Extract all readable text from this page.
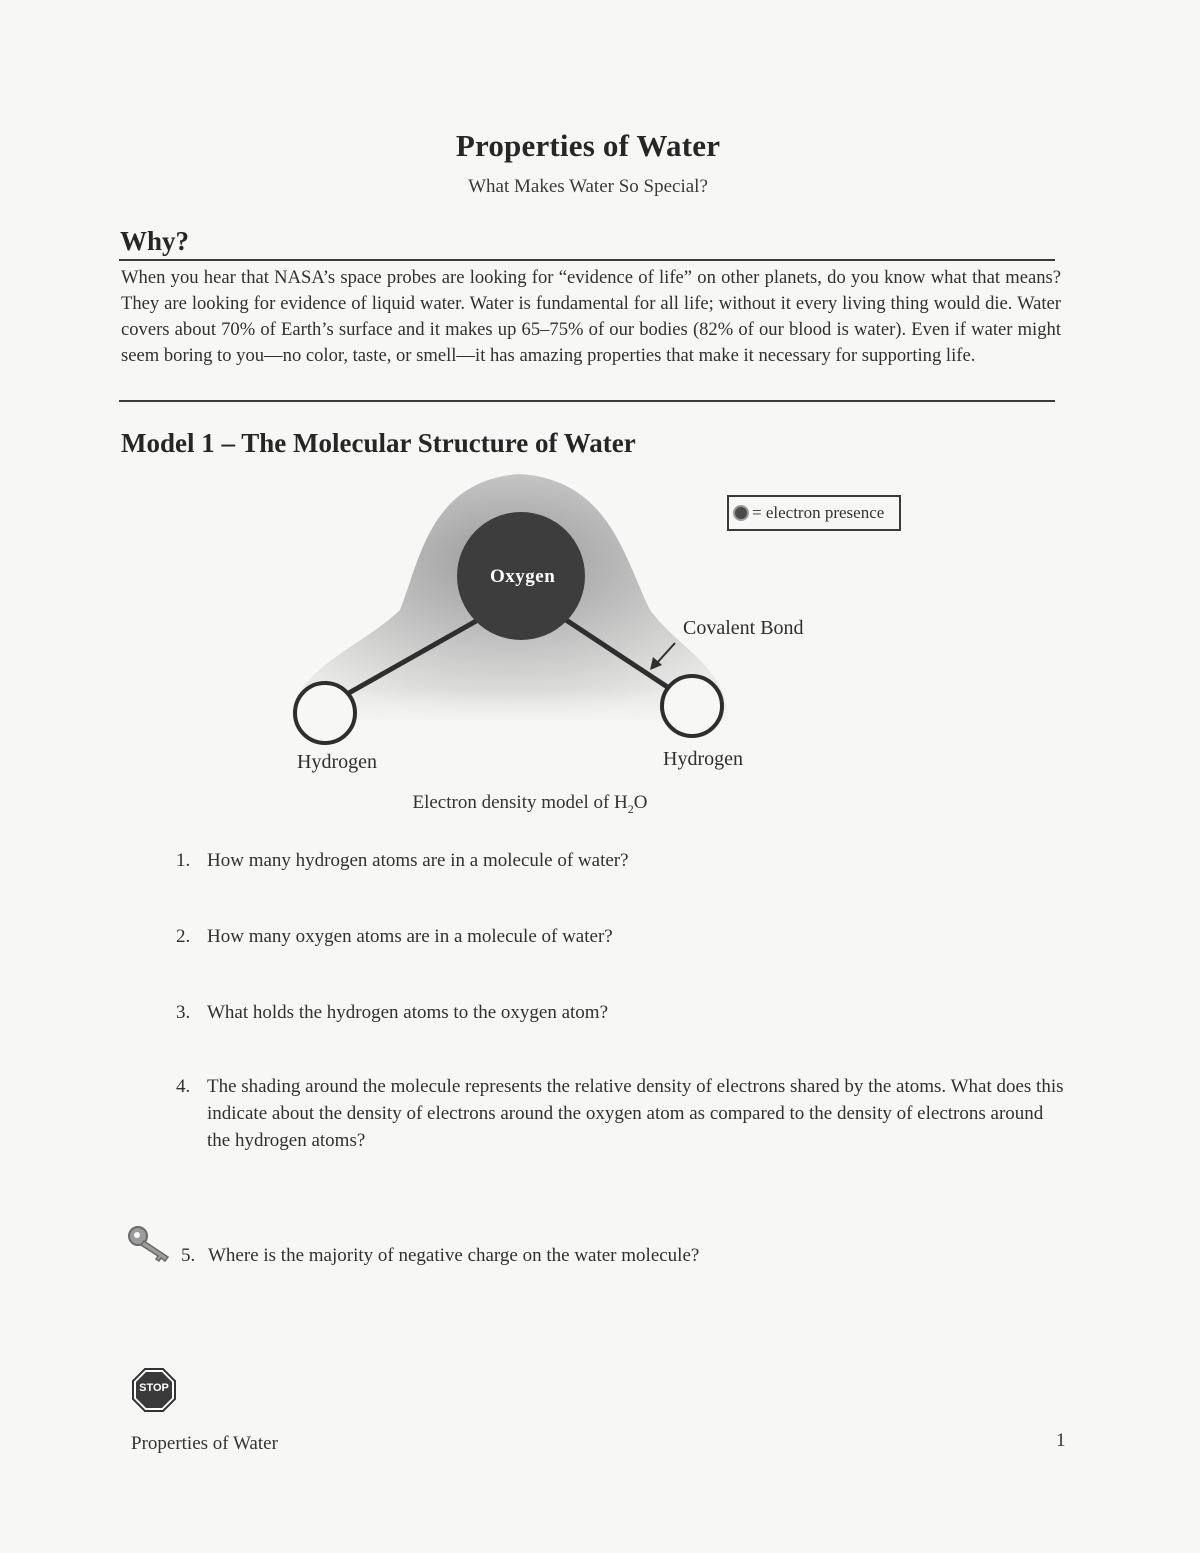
Properties of Water
What Makes Water So Special?
Why?
When you hear that NASA’s space probes are looking for “evidence of life” on other planets, do you know what that means? They are looking for evidence of liquid water. Water is fundamental for all life; without it every living thing would die. Water covers about 70% of Earth’s surface and it makes up 65–75% of our bodies (82% of our blood is water). Even if water might seem boring to you—no color, taste, or smell—it has amazing properties that make it necessary for supporting life.
Model 1 – The Molecular Structure of Water
Oxygen
Covalent Bond
Hydrogen	Hydrogen
= electron presence
Electron density model of $H_2O$
1. How many hydrogen atoms are in a molecule of water?
2. How many oxygen atoms are in a molecule of water?
3. What holds the hydrogen atoms to the oxygen atom?
4. The shading around the molecule represents the relative density of electrons shared by the atoms. What does this indicate about the density of electrons around the oxygen atom as compared to the density of electrons around the hydrogen atoms?
5. Where is the majority of negative charge on the water molecule?
STOP
Properties of Water	1
